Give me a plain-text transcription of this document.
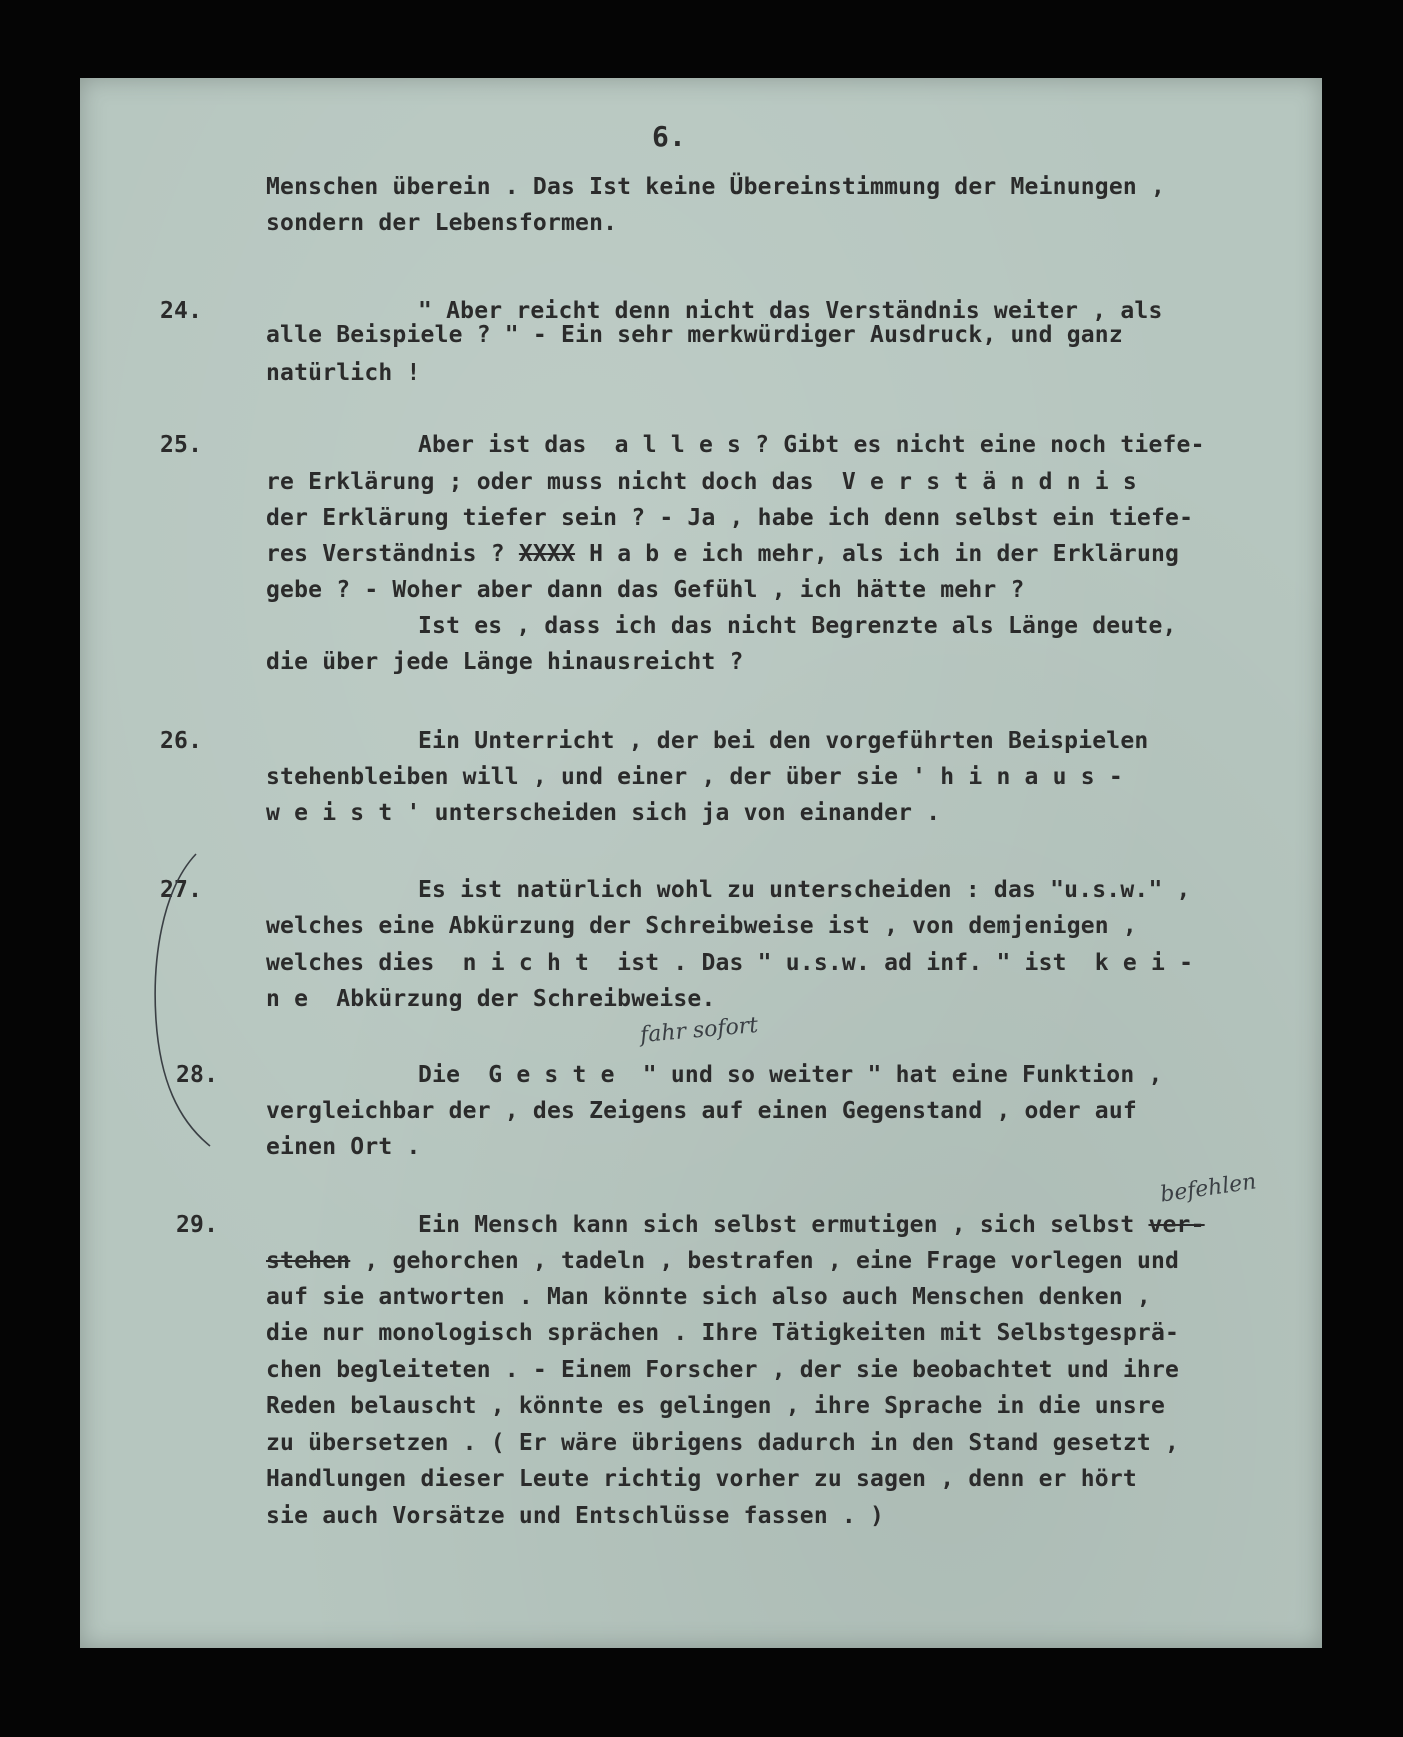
6.
Menschen überein . Das Ist keine Übereinstimmung der Meinungen ,
sondern der Lebensformen.
24.	" Aber reicht denn nicht das Verständnis weiter , als
alle Beispiele ? " - Ein sehr merkwürdiger Ausdruck, und ganz
natürlich !
25.	Aber ist das  a l l e s ? Gibt es nicht eine noch tiefe-
re Erklärung ; oder muss nicht doch das  V e r s t ä n d n i s
der Erklärung tiefer sein ? - Ja , habe ich denn selbst ein tiefe-
res Verständnis ? XXXX H a b e ich mehr, als ich in der Erklärung
gebe ? - Woher aber dann das Gefühl , ich hätte mehr ?
Ist es , dass ich das nicht Begrenzte als Länge deute,
die über jede Länge hinausreicht ?
26.	Ein Unterricht , der bei den vorgeführten Beispielen
stehenbleiben will , und einer , der über sie ' h i n a u s -
w e i s t ' unterscheiden sich ja von einander .
27.	Es ist natürlich wohl zu unterscheiden : das "u.s.w." ,
welches eine Abkürzung der Schreibweise ist , von demjenigen ,
welches dies  n i c h t  ist . Das " u.s.w. ad inf. " ist  k e i -
n e  Abkürzung der Schreibweise.
fahr sofort
28.	Die  G e s t e  " und so weiter " hat eine Funktion ,
vergleichbar der , des Zeigens auf einen Gegenstand , oder auf
einen Ort .
befehlen
29.	Ein Mensch kann sich selbst ermutigen , sich selbst ver-
stehen , gehorchen , tadeln , bestrafen , eine Frage vorlegen und
auf sie antworten . Man könnte sich also auch Menschen denken ,
die nur monologisch sprächen . Ihre Tätigkeiten mit Selbstgesprä-
chen begleiteten . - Einem Forscher , der sie beobachtet und ihre
Reden belauscht , könnte es gelingen , ihre Sprache in die unsre
zu übersetzen . ( Er wäre übrigens dadurch in den Stand gesetzt ,
Handlungen dieser Leute richtig vorher zu sagen , denn er hört
sie auch Vorsätze und Entschlüsse fassen . )
